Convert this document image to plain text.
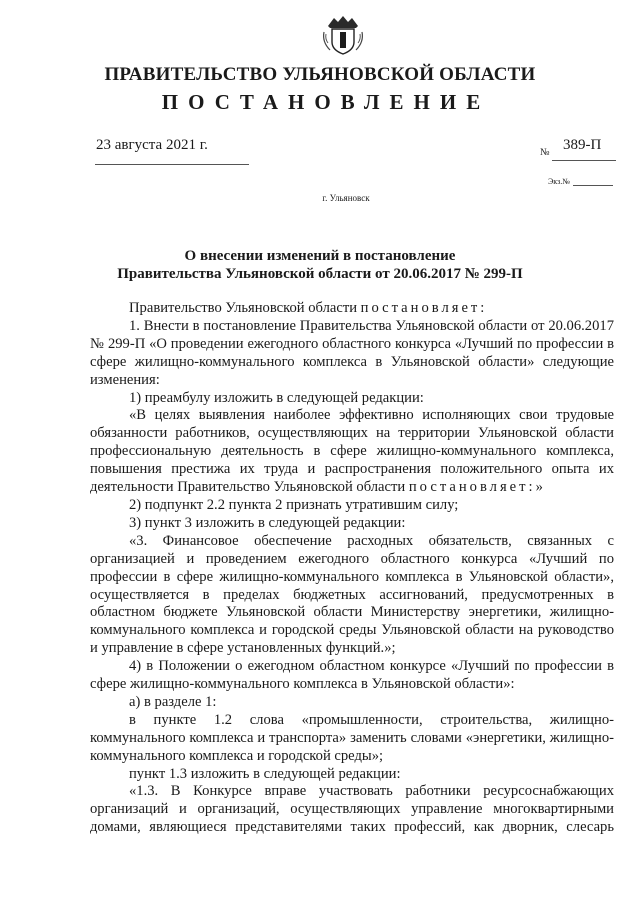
ПРАВИТЕЛЬСТВО УЛЬЯНОВСКОЙ ОБЛАСТИ
ПОСТАНОВЛЕНИЕ
23 августа 2021 г.	№ 389-П
Экз.№
г. Ульяновск
О внесении изменений в постановление
Правительства Ульяновской области от 20.06.2017 № 299-П

Правительство Ульяновской области постановляет:

1. Внести в постановление Правительства Ульяновской области от 20.06.2017 № 299-П «О проведении ежегодного областного конкурса «Лучший по профессии в сфере жилищно-коммунального комплекса в Ульяновской области» следующие изменения:

1) преамбулу изложить в следующей редакции:

«В целях выявления наиболее эффективно исполняющих свои трудовые обязанности работников, осуществляющих на территории Ульяновской области профессиональную деятельность в сфере жилищно-коммунального комплекса, повышения престижа их труда и распространения положительного опыта их деятельности Правительство Ульяновской области постановляет:»

2) подпункт 2.2 пункта 2 признать утратившим силу;

3) пункт 3 изложить в следующей редакции:

«3. Финансовое обеспечение расходных обязательств, связанных с организацией и проведением ежегодного областного конкурса «Лучший по профессии в сфере жилищно-коммунального комплекса в Ульяновской области», осуществляется в пределах бюджетных ассигнований, предусмотренных в областном бюджете Ульяновской области Министерству энергетики, жилищно-коммунального комплекса и городской среды Ульяновской области на руководство и управление в сфере установленных функций.»;

4) в Положении о ежегодном областном конкурсе «Лучший по профессии в сфере жилищно-коммунального комплекса в Ульяновской области»:

а) в разделе 1:

в пункте 1.2 слова «промышленности, строительства, жилищно-коммунального комплекса и транспорта» заменить словами «энергетики, жилищно-коммунального комплекса и городской среды»;

пункт 1.3 изложить в следующей редакции:

«1.3. В Конкурсе вправе участвовать работники ресурсоснабжающих организаций и организаций, осуществляющих управление многоквартирными домами, являющиеся представителями таких профессий, как дворник, слесарь
